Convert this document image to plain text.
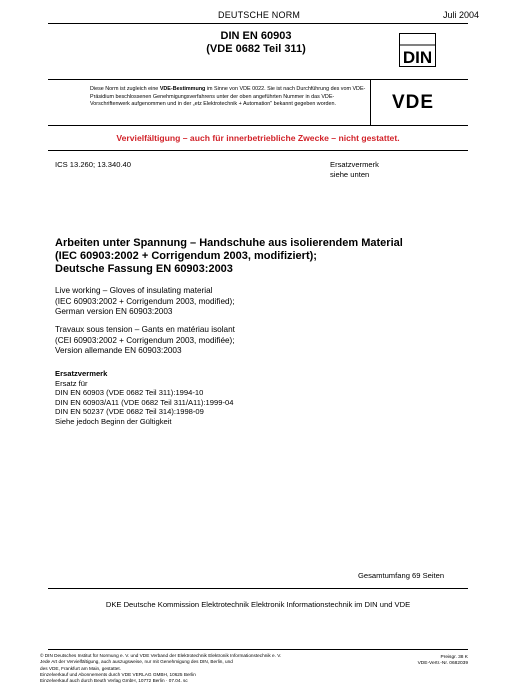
DEUTSCHE NORM	Juli 2004
DIN EN 60903
(VDE 0682 Teil 311)	DIN
Diese Norm ist zugleich eine VDE-Bestimmung im Sinne von VDE 0022. Sie ist nach Durchführung des vom VDE-Präsidium beschlossenen Genehmigungsverfahrens unter der oben angeführten Nummer in das VDE-Vorschriftenwerk aufgenommen und in der „etz Elektrotechnik + Automation" bekannt gegeben worden.	VDE
Vervielfältigung – auch für innerbetriebliche Zwecke – nicht gestattet.
ICS 13.260; 13.340.40	Ersatzvermerk
siehe unten
Arbeiten unter Spannung – Handschuhe aus isolierendem Material
(IEC 60903:2002 + Corrigendum 2003, modifiziert);
Deutsche Fassung EN 60903:2003
Live working – Gloves of insulating material
(IEC 60903:2002 + Corrigendum 2003, modified);
German version EN 60903:2003
Travaux sous tension – Gants en matériau isolant
(CEI 60903:2002 + Corrigendum 2003, modifiée);
Version allemande EN 60903:2003
Ersatzvermerk
Ersatz für
DIN EN 60903 (VDE 0682 Teil 311):1994-10
DIN EN 60903/A11 (VDE 0682 Teil 311/A11):1999-04
DIN EN 50237 (VDE 0682 Teil 314):1998-09
Siehe jedoch Beginn der Gültigkeit
Gesamtumfang 69 Seiten
DKE Deutsche Kommission Elektrotechnik Elektronik Informationstechnik im DIN und VDE
© DIN Deutsches Institut für Normung e. V. und VDE Verband der Elektrotechnik Elektronik Informationstechnik e. V.
Jede Art der Vervielfältigung, auch auszugsweise, nur mit Genehmigung des DIN, Berlin, und
des VDE, Frankfurt am Main, gestattet.
Einzelverkauf und Abonnements durch VDE VERLAG GMBH, 10625 Berlin
Einzelverkauf auch durch Beuth Verlag GmbH, 10772 Berlin · 07.04. sc
Preisgr. 38 K
VDE-Vertr.-Nr. 0682039
